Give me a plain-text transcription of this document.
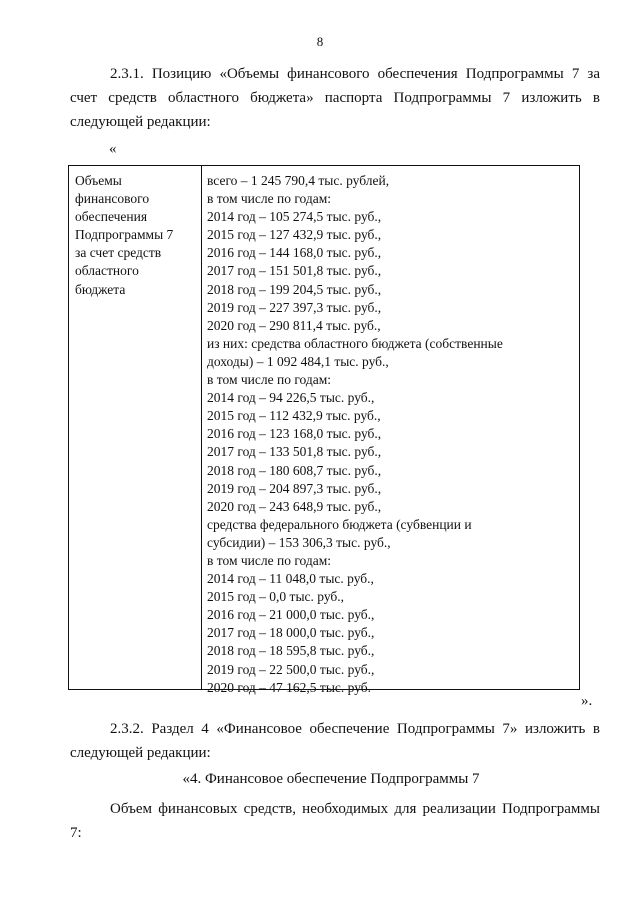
8
2.3.1. Позицию «Объемы финансового обеспечения Подпрограммы 7 за счет средств областного бюджета» паспорта Подпрограммы 7 изложить в следующей редакции:
«
Объемы
финансового
обеспечения
Подпрограммы 7
за счет средств
областного
бюджета
всего – 1 245 790,4 тыс. рублей,
в том числе по годам:
2014 год – 105 274,5 тыс. руб.,
2015 год – 127 432,9 тыс. руб.,
2016 год – 144 168,0 тыс. руб.,
2017 год – 151 501,8 тыс. руб.,
2018 год – 199 204,5 тыс. руб.,
2019 год – 227 397,3 тыс. руб.,
2020 год – 290 811,4 тыс. руб.,
из них: средства областного бюджета (собственные
доходы) – 1 092 484,1 тыс. руб.,
в том числе по годам:
2014 год – 94 226,5 тыс. руб.,
2015 год – 112 432,9 тыс. руб.,
2016 год – 123 168,0 тыс. руб.,
2017 год – 133 501,8 тыс. руб.,
2018 год – 180 608,7 тыс. руб.,
2019 год – 204 897,3 тыс. руб.,
2020 год – 243 648,9 тыс. руб.,
средства федерального бюджета (субвенции и
субсидии) – 153 306,3 тыс. руб.,
в том числе по годам:
2014 год – 11 048,0 тыс. руб.,
2015 год – 0,0 тыс. руб.,
2016 год – 21 000,0 тыс. руб.,
2017 год – 18 000,0 тыс. руб.,
2018 год – 18 595,8 тыс. руб.,
2019 год – 22 500,0 тыс. руб.,
2020 год – 47 162,5 тыс. руб.
».
2.3.2. Раздел 4 «Финансовое обеспечение Подпрограммы 7» изложить в следующей редакции:
«4. Финансовое обеспечение Подпрограммы 7
Объем финансовых средств, необходимых для реализации Подпрограммы 7:
